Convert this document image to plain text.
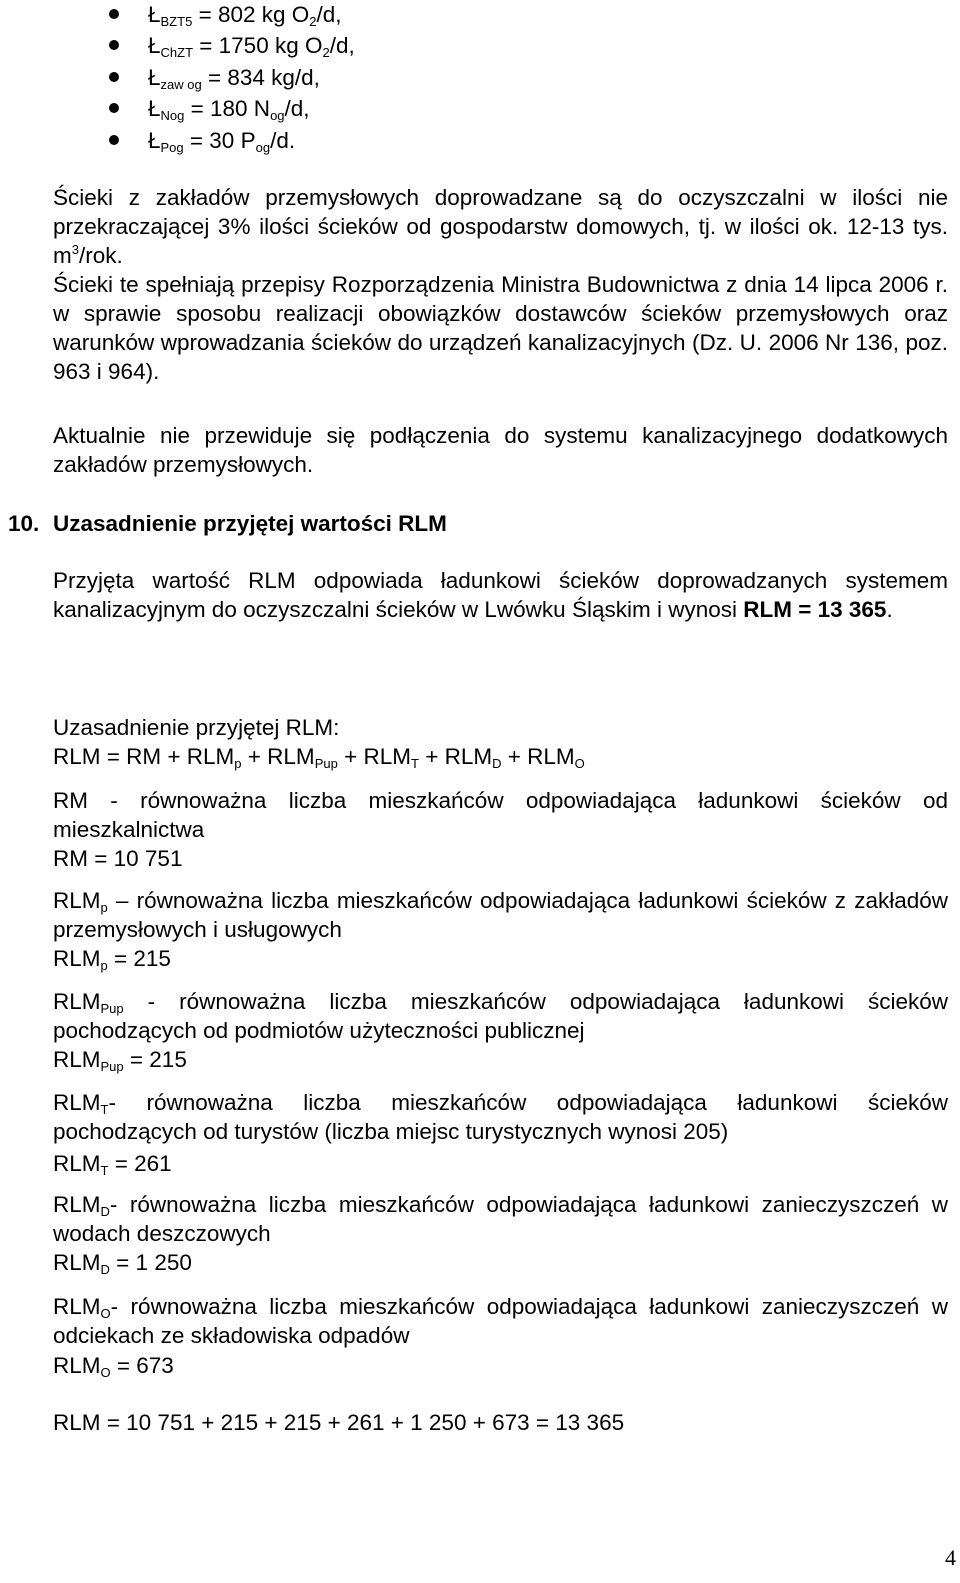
$Ł_{BZT5} = 802$ kg $O_2/d$,
$Ł_{ChZT} = 1750$ kg $O_2/d$,
$Ł_{zaw og} = 834$ kg/d,
$Ł_{Nog} = 180$ $N_{og}/d$,
$Ł_{Pog} = 30$ $P_{og}/d$.
Ścieki z zakładów przemysłowych doprowadzane są do oczyszczalni w ilości nie przekraczającej 3% ilości ścieków od gospodarstw domowych, tj. w ilości ok. 12-13 tys. $m^3$/rok.
Ścieki te spełniają przepisy Rozporządzenia Ministra Budownictwa z dnia 14 lipca 2006 r. w sprawie sposobu realizacji obowiązków dostawców ścieków przemysłowych oraz warunków wprowadzania ścieków do urządzeń kanalizacyjnych (Dz. U. 2006 Nr 136, poz. 963 i 964).
Aktualnie nie przewiduje się podłączenia do systemu kanalizacyjnego dodatkowych zakładów przemysłowych.
10. Uzasadnienie przyjętej wartości RLM
Przyjęta wartość RLM odpowiada ładunkowi ścieków doprowadzanych systemem kanalizacyjnym do oczyszczalni ścieków w Lwówku Śląskim i wynosi RLM = 13 365.
Uzasadnienie przyjętej RLM:
RLM = RM + $RLM_p + RLM_{Pup} + RLM_T + RLM_D + RLM_O$
RM - równoważna liczba mieszkańców odpowiadająca ładunkowi ścieków od mieszkalnictwa
RM = 10 751
$RLM_p$ – równoważna liczba mieszkańców odpowiadająca ładunkowi ścieków z zakładów przemysłowych i usługowych
$RLM_p = 215$
$RLM_{Pup}$ - równoważna liczba mieszkańców odpowiadająca ładunkowi ścieków pochodzących od podmiotów użyteczności publicznej
$RLM_{Pup} = 215$
$RLM_T-$ równoważna liczba mieszkańców odpowiadająca ładunkowi ścieków pochodzących od turystów (liczba miejsc turystycznych wynosi 205)
$RLM_T = 261$
$RLM_D-$ równoważna liczba mieszkańców odpowiadająca ładunkowi zanieczyszczeń w wodach deszczowych
$RLM_D = 1$ 250
$RLM_O-$ równoważna liczba mieszkańców odpowiadająca ładunkowi zanieczyszczeń w odciekach ze składowiska odpadów
$RLM_O = 673$
RLM = 10 751 + 215 + 215 + 261 + 1 250 + 673 = 13 365
4
